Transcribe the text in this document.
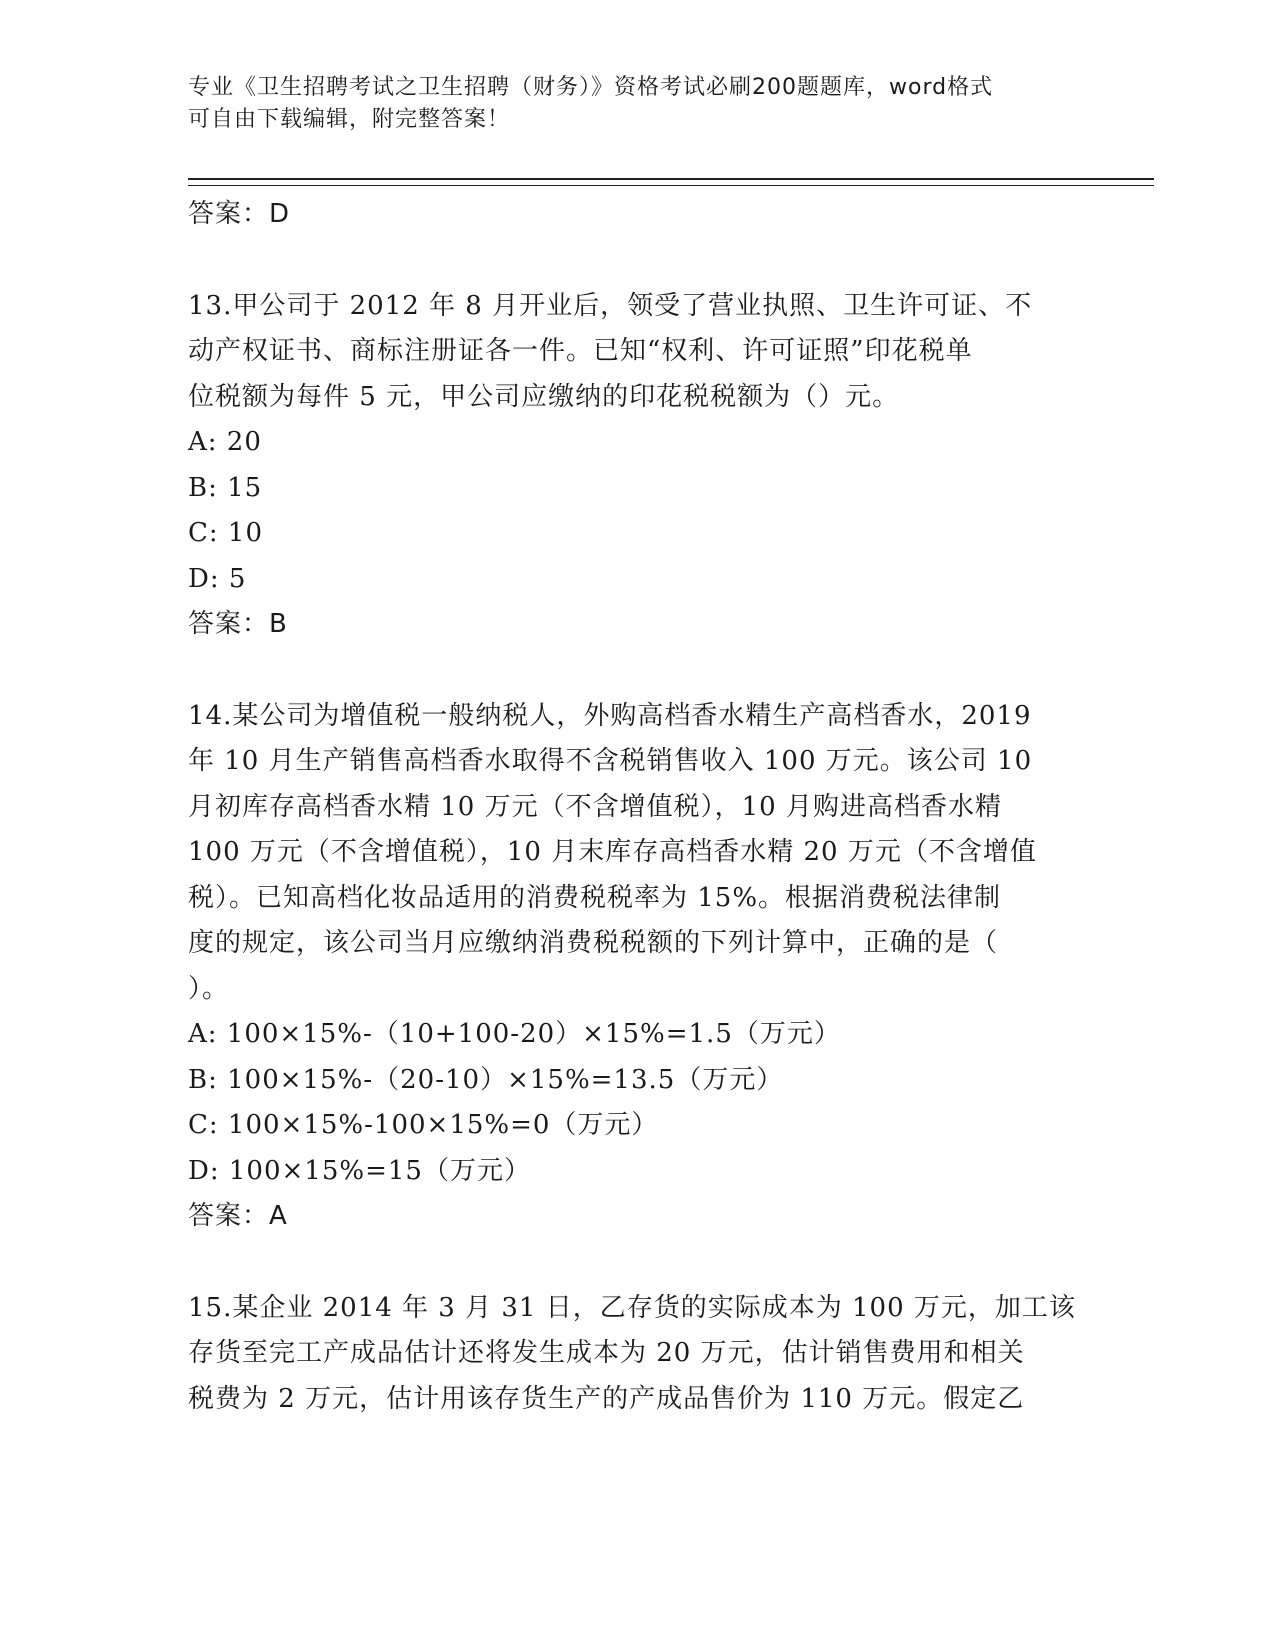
专业《卫生招聘考试之卫生招聘（财务）》资格考试必刷200题题库，word格式
可自由下载编辑，附完整答案！
答案：D
13.甲公司于 2012 年 8 月开业后，领受了营业执照、卫生许可证、不
动产权证书、商标注册证各一件。已知“权利、许可证照”印花税单
位税额为每件 5 元，甲公司应缴纳的印花税税额为（）元。
A: 20
B: 15
C: 10
D: 5
答案：B
14.某公司为增值税一般纳税人，外购高档香水精生产高档香水，2019
年 10 月生产销售高档香水取得不含税销售收入 100 万元。该公司 10
月初库存高档香水精 10 万元（不含增值税），10 月购进高档香水精
100 万元（不含增值税），10 月末库存高档香水精 20 万元（不含增值
税）。已知高档化妆品适用的消费税税率为 15%。根据消费税法律制
度的规定，该公司当月应缴纳消费税税额的下列计算中，正确的是（
）。
A: 100×15%-（10+100-20）×15%=1.5（万元）
B: 100×15%-（20-10）×15%=13.5（万元）
C: 100×15%-100×15%=0（万元）
D: 100×15%=15（万元）
答案：A
15.某企业 2014 年 3 月 31 日，乙存货的实际成本为 100 万元，加工该
存货至完工产成品估计还将发生成本为 20 万元，估计销售费用和相关
税费为 2 万元，估计用该存货生产的产成品售价为 110 万元。假定乙
